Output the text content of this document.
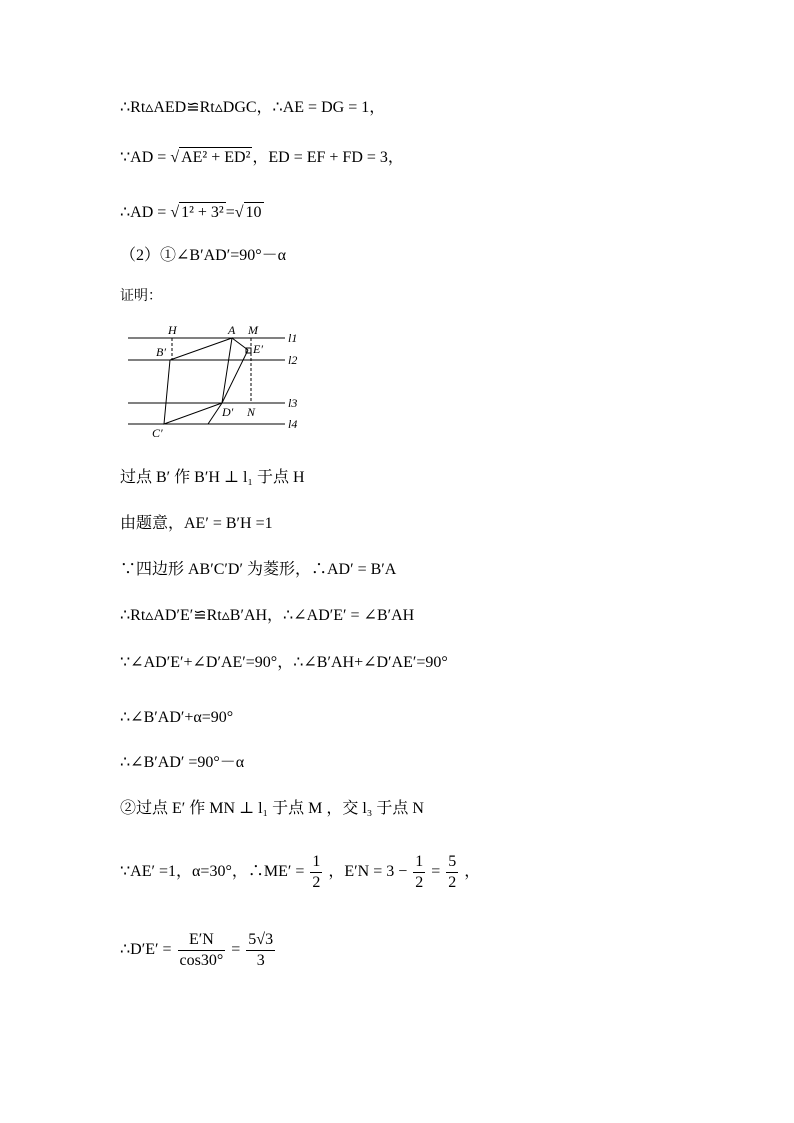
∴Rt▵AED≌Rt▵DGC，∴AE = DG = 1，
∵AD = √ AE² + ED² ，ED = EF + FD = 3，
∴AD = √ 1² + 3² =√ 10
（2）①∠B′AD′=90°－α
证明：
H	A M
l1
B′	E′
l2
l3
D′ N
C′
l4
过点 B′ 作 B′H ⊥ l₁ 于点 H
由题意，AE′ = B′H =1
∵四边形 AB′C′D′ 为菱形，∴AD′ = B′A
∴Rt▵AD′E′≌Rt▵B′AH，∴∠AD′E′ = ∠B′AH
∵∠AD′E′+∠D′AE′=90°，∴∠B′AH+∠D′AE′=90°
∴∠B′AD′+α=90°
∴∠B′AD′ =90°－α
②过点 E′ 作 MN ⊥ l₁ 于点 M ，交 l₃ 于点 N
∵AE′ =1，α=30°，∴ME′ = $\frac{1}{2}$ ，$E'N = 3 - \frac{1}{2} = \frac{5}{2}$ ，
∴D′E′ = $\frac{E'N}{\cos 30^\circ} = \frac{5√3}{3}$
